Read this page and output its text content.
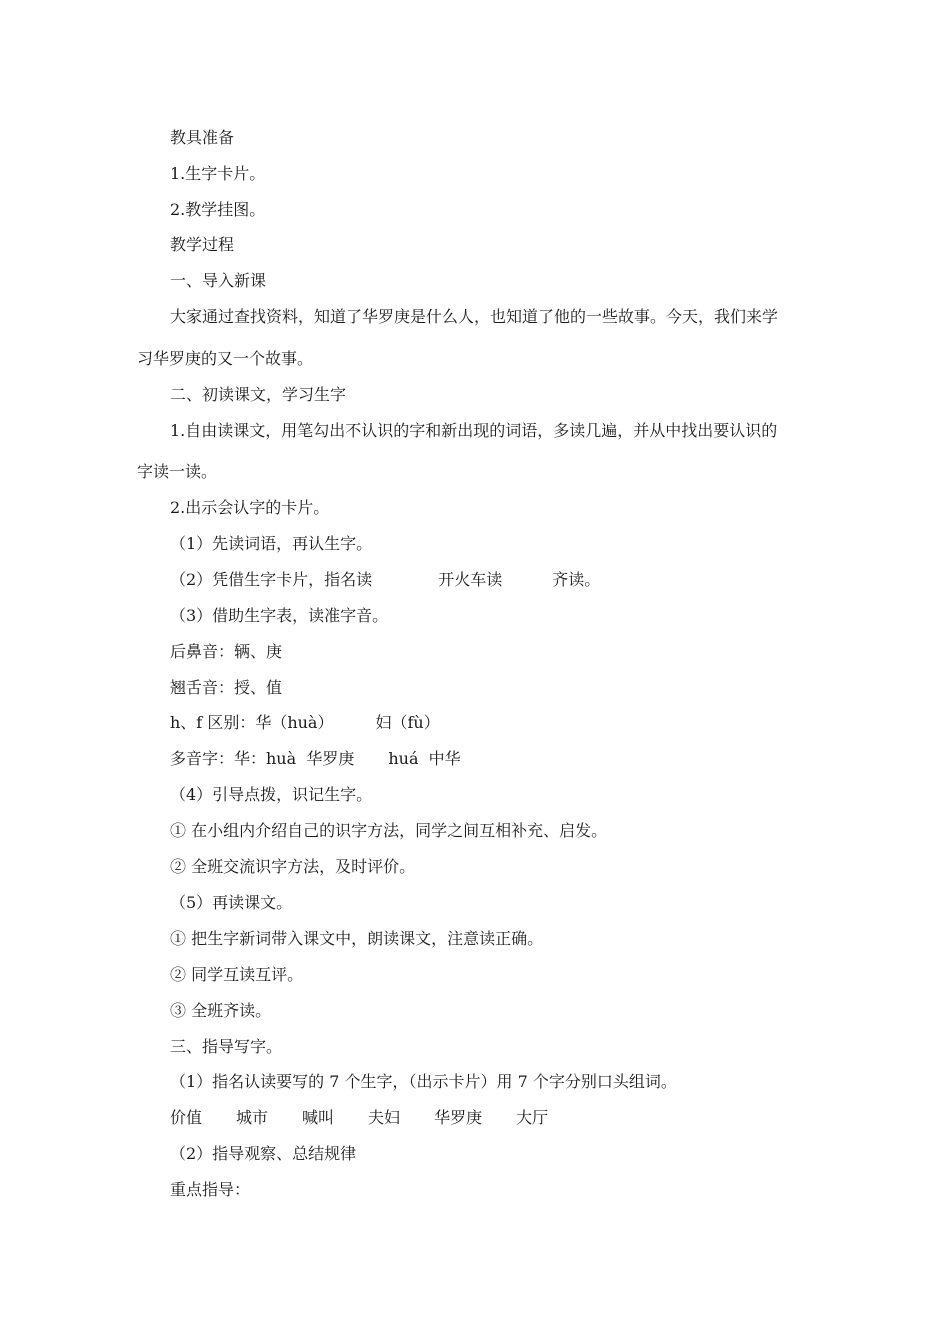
教具准备
1.生字卡片。
2.教学挂图。
教学过程
一、导入新课
大家通过查找资料，知道了华罗庚是什么人，也知道了他的一些故事。今天，我们来学
习华罗庚的又一个故事。
二、初读课文，学习生字
1.自由读课文，用笔勾出不认识的字和新出现的词语，多读几遍，并从中找出要认识的
字读一读。
2.出示会认字的卡片。
（1）先读词语，再认生字。
（2）凭借生字卡片，指名读	开火车读	齐读。
（3）借助生字表，读准字音。
后鼻音：辆、庚
翘舌音：授、值
h、f 区别：华（huà）	妇（fù）
多音字：华：huà  华罗庚 huá  中华
（4）引导点拨，识记生字。
① 在小组内介绍自己的识字方法，同学之间互相补充、启发。
② 全班交流识字方法，及时评价。
（5）再读课文。
① 把生字新词带入课文中，朗读课文，注意读正确。
② 同学互读互评。
③ 全班齐读。
三、指导写字。
（1）指名认读要写的 7 个生字，（出示卡片）用 7 个字分别口头组词。
价值 城市 喊叫 夫妇 华罗庚 大厅
（2）指导观察、总结规律
重点指导：
